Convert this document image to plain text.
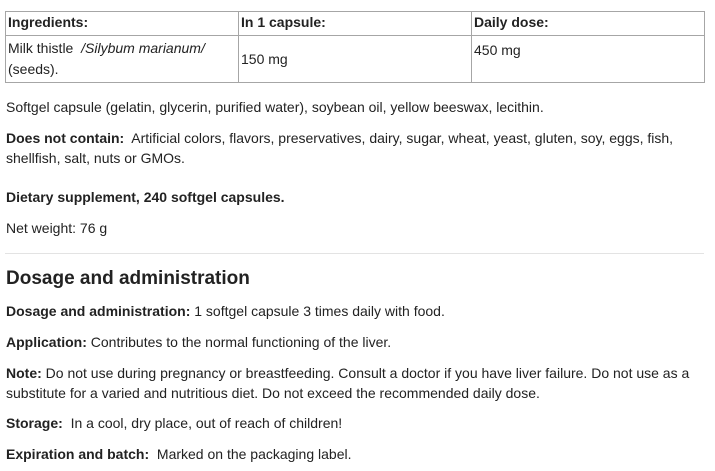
Ingredients:	In 1 capsule:	Daily dose:
Milk thistle /Silybum marianum/
(seeds).	150 mg	450 mg

Softgel capsule (gelatin, glycerin, purified water), soybean oil, yellow beeswax, lecithin.

Does not contain: Artificial colors, flavors, preservatives, dairy, sugar, wheat, yeast, gluten, soy, eggs, fish,

shellfish, salt, nuts or GMOs.

Dietary supplement, 240 softgel capsules.

Net weight: 76 g

Dosage and administration

Dosage and administration: 1 softgel capsule 3 times daily with food.

Application: Contributes to the normal functioning of the liver.

Note: Do not use during pregnancy or breastfeeding. Consult a doctor if you have liver failure. Do not use as a

substitute for a varied and nutritious diet. Do not exceed the recommended daily dose.

Storage: In a cool, dry place, out of reach of children!

Expiration and batch: Marked on the packaging label.
